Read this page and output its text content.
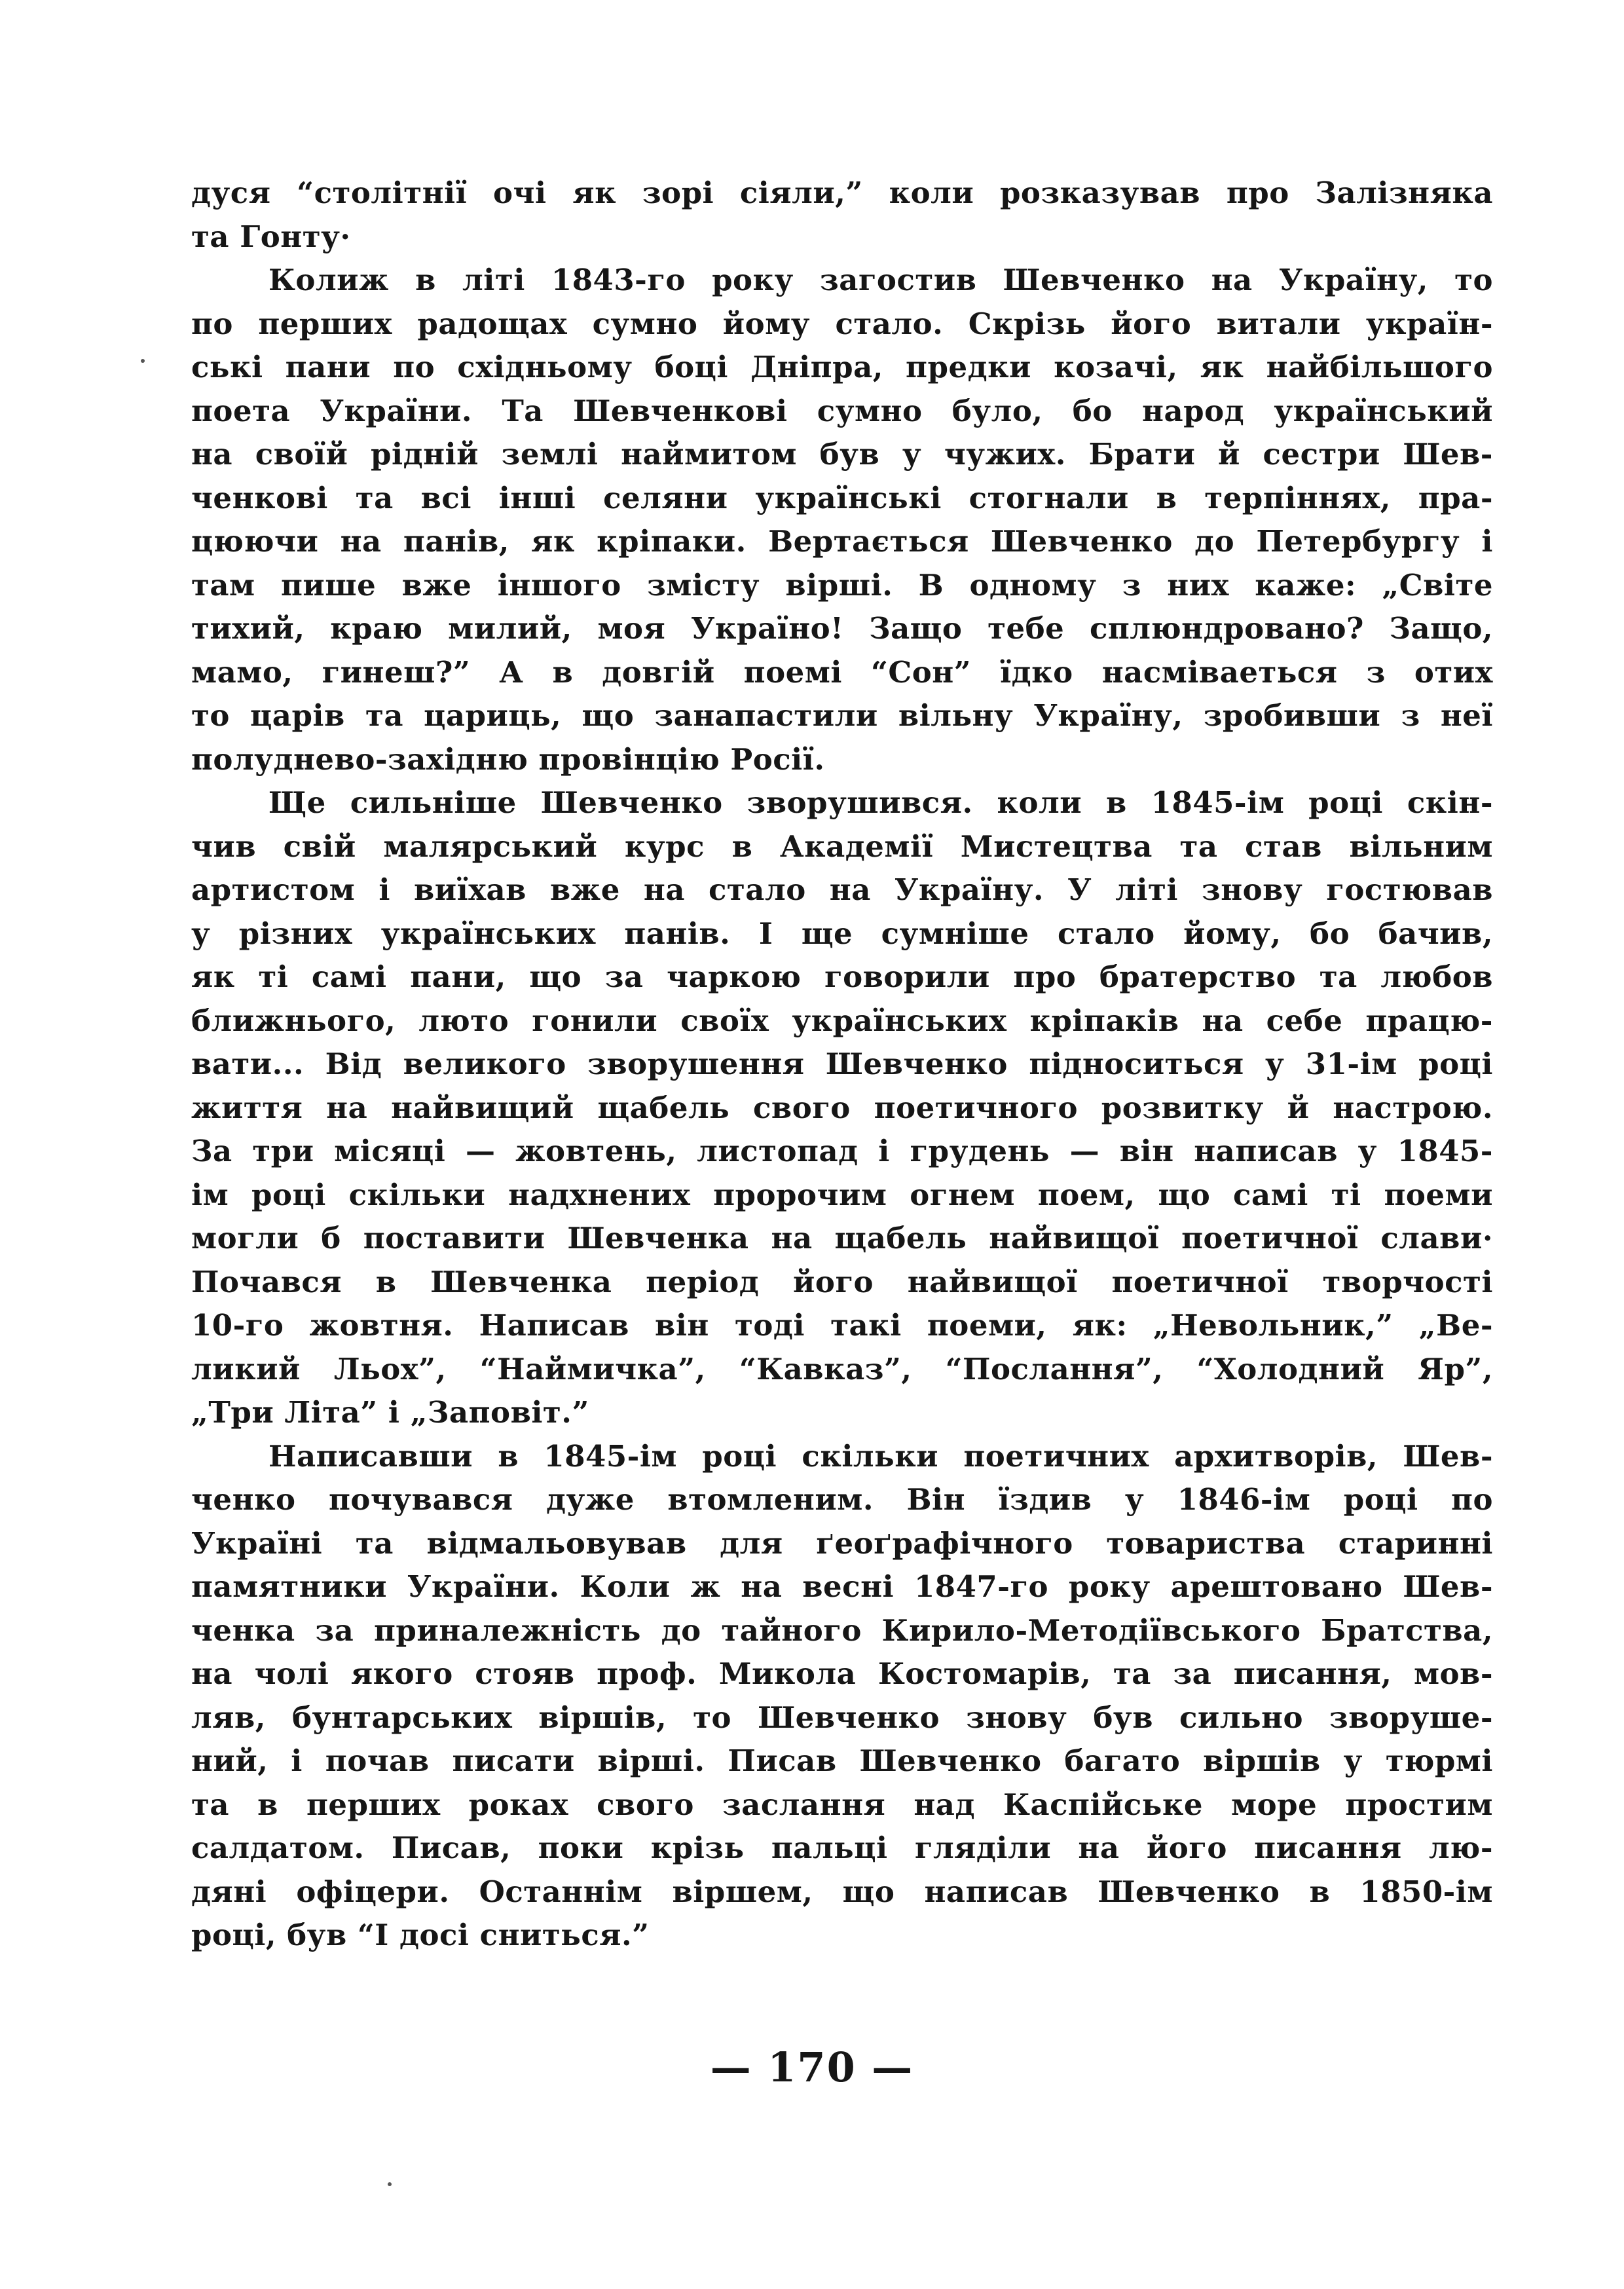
дуся “столітнії очі як зорі сіяли,” коли розказував про Залізняка
та Гонту·
Колиж в літі 1843-го року загостив Шевченко на Україну, то
по перших радощах сумно йому стало. Скрізь його витали україн-
ські пани по східньому боці Дніпра, предки козачі, як найбільшого
поета України. Та Шевченкові сумно було, бо народ український
на своїй рідній землі наймитом був у чужих. Брати й сестри Шев-
ченкові та всі інші селяни українські стогнали в терпіннях, пра-
цюючи на панів, як кріпаки. Вертається Шевченко до Петербургу і
там пише вже іншого змісту вірші. В одному з них каже: „Світе
тихий, краю милий, моя Україно! Защо тебе сплюндровано? Защо,
мамо, гинеш?” А в довгій поемі “Сон” їдко насміваеться з отих
то царів та цариць, що занапастили вільну Україну, зробивши з неї
полуднево-західню провінцію Росії.
Ще сильніше Шевченко зворушився. коли в 1845-ім році скін-
чив свій малярський курс в Академії Мистецтва та став вільним
артистом і виїхав вже на стало на Україну. У літі знову гостював
у різних українських панів. І ще сумніше стало йому, бо бачив,
як ті самі пани, що за чаркою говорили про братерство та любов
ближнього, люто гонили своїх українських кріпаків на себе працю-
вати... Від великого зворушення Шевченко підноситься у 31-ім році
життя на найвищий щабель свого поетичного розвитку й настрою.
За три місяці — жовтень, листопад і грудень — він написав у 1845-
ім році скільки надхнених пророчим огнем поем, що самі ті поеми
могли б поставити Шевченка на щабель найвищої поетичної слави·
Почався в Шевченка період його найвищої поетичної творчості
10-го жовтня. Написав він тоді такі поеми, як: „Невольник,” „Ве-
ликий Льох”, “Наймичка”, “Кавказ”, “Послання”, “Холодний Яр”,
„Три Літа” і „Заповіт.”
Написавши в 1845-ім році скільки поетичних архитворів, Шев-
ченко почувався дуже втомленим. Він їздив у 1846-ім році по
Україні та відмальовував для ґеоґрафічного товариства старинні
памятники України. Коли ж на весні 1847-го року арештовано Шев-
ченка за приналежність до тайного Кирило-Методіївського Братства,
на чолі якого стояв проф. Микола Костомарів, та за писання, мов-
ляв, бунтарських віршів, то Шевченко знову був сильно зворуше-
ний, і почав писати вірші. Писав Шевченко багато віршів у тюрмі
та в перших роках свого заслання над Каспійське море простим
салдатом. Писав, поки крізь пальці гляділи на його писання лю-
дяні офіцери. Останнім віршем, що написав Шевченко в 1850-ім
році, був “І досі сниться.”
— 170 —
